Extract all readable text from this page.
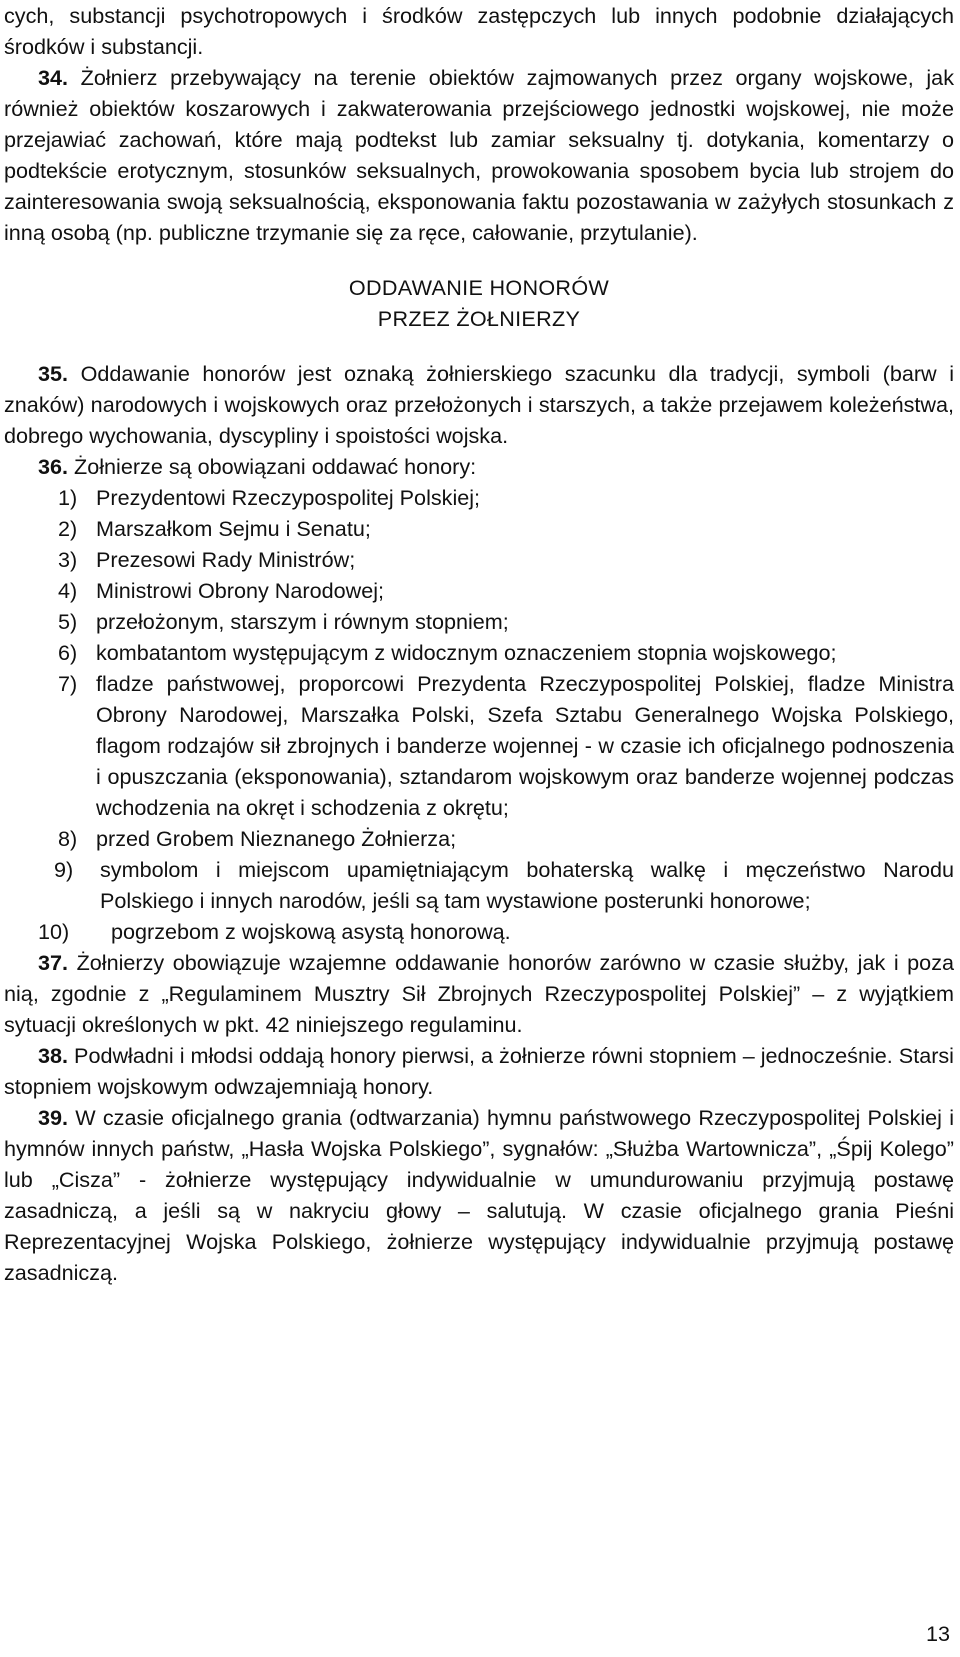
cych, substancji psychotropowych i środków zastępczych lub innych podobnie działających środków i substancji.

34. Żołnierz przebywający na terenie obiektów zajmowanych przez organy wojskowe, jak również obiektów koszarowych i zakwaterowania przejściowego jednostki wojskowej, nie może przejawiać zachowań, które mają podtekst lub zamiar seksualny tj. dotykania, komentarzy o podtekście erotycznym, stosunków seksualnych, prowokowania sposobem bycia lub strojem do zainteresowania swoją seksualnością, eksponowania faktu pozostawania w zażyłych stosunkach z inną osobą (np. publiczne trzymanie się za ręce, całowanie, przytulanie).

ODDAWANIE HONORÓW

PRZEZ ŻOŁNIERZY

35. Oddawanie honorów jest oznaką żołnierskiego szacunku dla tradycji, symboli (barw i znaków) narodowych i wojskowych oraz przełożonych i starszych, a także przejawem koleżeństwa, dobrego wychowania, dyscypliny i spoistości wojska.

36. Żołnierze są obowiązani oddawać honory:

1) Prezydentowi Rzeczypospolitej Polskiej;
2) Marszałkom Sejmu i Senatu;
3) Prezesowi Rady Ministrów;
4) Ministrowi Obrony Narodowej;
5) przełożonym, starszym i równym stopniem;
6) kombatantom występującym z widocznym oznaczeniem stopnia wojskowego;
7) fladze państwowej, proporcowi Prezydenta Rzeczypospolitej Polskiej, fladze Ministra Obrony Narodowej, Marszałka Polski, Szefa Sztabu Generalnego Wojska Polskiego, flagom rodzajów sił zbrojnych i banderze wojennej - w czasie ich oficjalnego podnoszenia i opuszczania (eksponowania), sztandarom wojskowym oraz banderze wojennej podczas wchodzenia na okręt i schodzenia z okrętu;
8) przed Grobem Nieznanego Żołnierza;
9) symbolom i miejscom upamiętniającym bohaterską walkę i męczeństwo Narodu Polskiego i innych narodów, jeśli są tam wystawione posterunki honorowe;
10) pogrzebom z wojskową asystą honorową.

37. Żołnierzy obowiązuje wzajemne oddawanie honorów zarówno w czasie służby, jak i poza nią, zgodnie z „Regulaminem Musztry Sił Zbrojnych Rzeczypospolitej Polskiej” – z wyjątkiem sytuacji określonych w pkt. 42 niniejszego regulaminu.

38. Podwładni i młodsi oddają honory pierwsi, a żołnierze równi stopniem – jednocześnie. Starsi stopniem wojskowym odwzajemniają honory.

39. W czasie oficjalnego grania (odtwarzania) hymnu państwowego Rzeczypospolitej Polskiej i hymnów innych państw, „Hasła Wojska Polskiego”, sygnałów: „Służba Wartownicza”, „Śpij Kolego” lub „Cisza” - żołnierze występujący indywidualnie w umundurowaniu przyjmują postawę zasadniczą, a jeśli są w nakryciu głowy – salutują. W czasie oficjalnego grania Pieśni Reprezentacyjnej Wojska Polskiego, żołnierze występujący indywidualnie przyjmują postawę zasadniczą.

13
